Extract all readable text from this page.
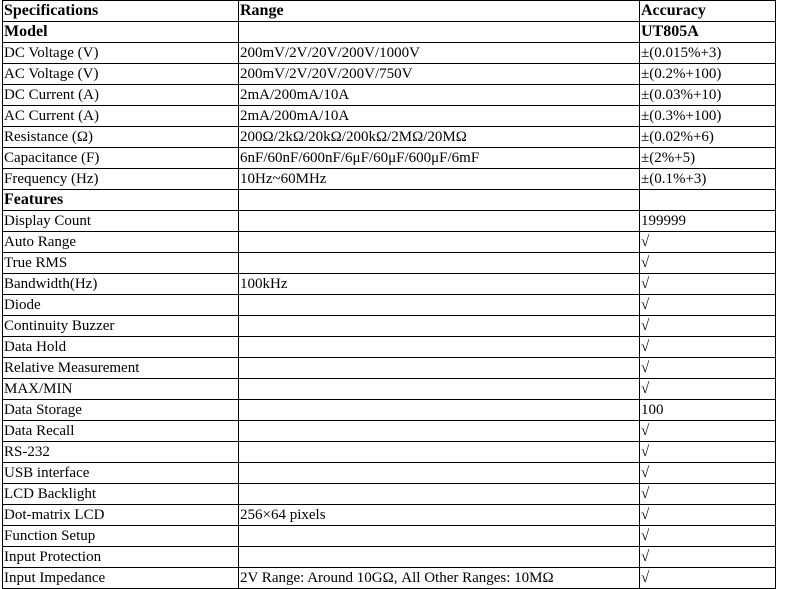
Specifications	Range	Accuracy
Model		UT805A
DC Voltage (V)	200mV/2V/20V/200V/1000V	±(0.015%+3)
AC Voltage (V)	200mV/2V/20V/200V/750V	±(0.2%+100)
DC Current (A)	2mA/200mA/10A	±(0.03%+10)
AC Current (A)	2mA/200mA/10A	±(0.3%+100)
Resistance (Ω)	200Ω/2kΩ/20kΩ/200kΩ/2MΩ/20MΩ	±(0.02%+6)
Capacitance (F)	6nF/60nF/600nF/6μF/60μF/600μF/6mF	±(2%+5)
Frequency (Hz)	10Hz~60MHz	±(0.1%+3)
Features		
Display Count		199999
Auto Range		√
True RMS		√
Bandwidth(Hz)	100kHz	√
Diode		√
Continuity Buzzer		√
Data Hold		√
Relative Measurement		√
MAX/MIN		√
Data Storage		100
Data Recall		√
RS-232		√
USB interface		√
LCD Backlight		√
Dot-matrix LCD	256×64 pixels	√
Function Setup		√
Input Protection		√
Input Impedance	2V Range: Around 10GΩ, All Other Ranges: 10MΩ	√
